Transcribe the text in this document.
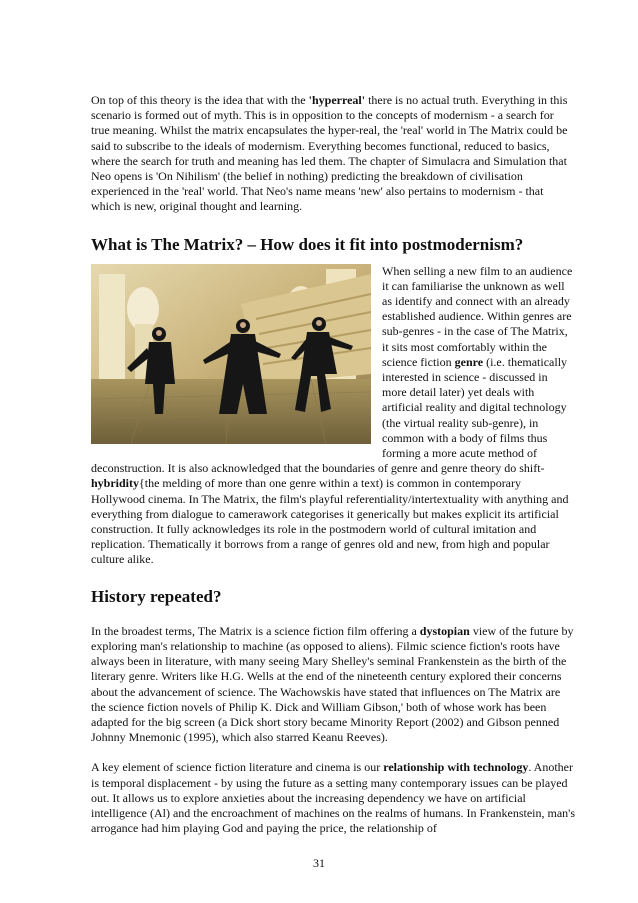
On top of this theory is the idea that with the 'hyperreal' there is no actual truth. Everything in this scenario is formed out of myth. This is in opposition to the concepts of modernism - a search for true meaning. Whilst the matrix encapsulates the hyper-real, the 'real' world in The Matrix could be said to subscribe to the ideals of modernism. Everything becomes functional, reduced to basics, where the search for truth and meaning has led them. The chapter of Simulacra and Simulation that Neo opens is 'On Nihilism' (the belief in nothing) predicting the breakdown of civilisation experienced in the 'real' world. That Neo's name means 'new' also pertains to modernism - that which is new, original thought and learning.

What is The Matrix? – How does it fit into postmodernism?

When selling a new film to an audience it can familiarise the unknown as well as identify and connect with an already established audience. Within genres are sub-genres - in the case of The Matrix, it sits most comfortably within the science fiction genre (i.e. thematically interested in science - discussed in more detail later) yet deals with artificial reality and digital technology (the virtual reality sub-genre), in common with a body of films thus forming a more acute method of deconstruction. It is also acknowledged that the boundaries of genre and genre theory do shift- hybridity{the melding of more than one genre within a text) is common in contemporary Hollywood cinema. In The Matrix, the film's playful referentiality/intertextuality with anything and everything from dialogue to camerawork categorises it generically but makes explicit its artificial construction. It fully acknowledges its role in the postmodern world of cultural imitation and replication. Thematically it borrows from a range of genres old and new, from high and popular culture alike.

History repeated?

In the broadest terms, The Matrix is a science fiction film offering a dystopian view of the future by exploring man's relationship to machine (as opposed to aliens). Filmic science fiction's roots have always been in literature, with many seeing Mary Shelley's seminal Frankenstein as the birth of the literary genre. Writers like H.G. Wells at the end of the nineteenth century explored their concerns about the advancement of science. The Wachowskis have stated that influences on The Matrix are the science fiction novels of Philip K. Dick and William Gibson,' both of whose work has been adapted for the big screen (a Dick short story became Minority Report (2002) and Gibson penned Johnny Mnemonic (1995), which also starred Keanu Reeves).

A key element of science fiction literature and cinema is our relationship with technology. Another is temporal displacement - by using the future as a setting many contemporary issues can be played out. It allows us to explore anxieties about the increasing dependency we have on artificial intelligence (Al) and the encroachment of machines on the realms of humans. In Frankenstein, man's arrogance had him playing God and paying the price, the relationship of

31
